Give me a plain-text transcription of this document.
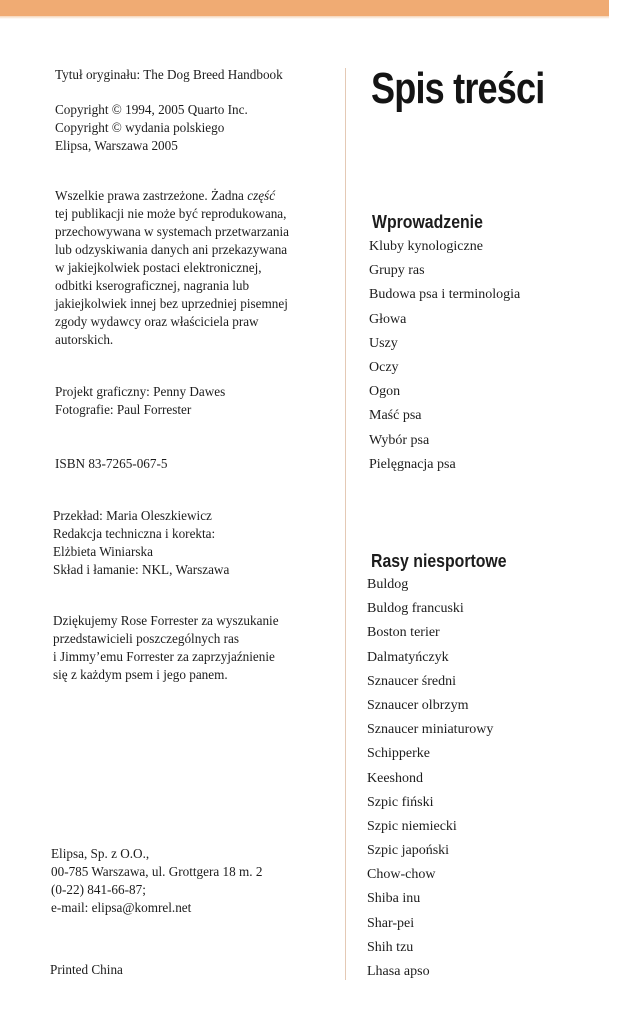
Tytuł oryginału: The Dog Breed Handbook
Copyright © 1994, 2005 Quarto Inc.
Copyright © wydania polskiego
Elipsa, Warszawa 2005
Wszelkie prawa zastrzeżone. Żadna część
tej publikacji nie może być reprodukowana,
przechowywana w systemach przetwarzania
lub odzyskiwania danych ani przekazywana
w jakiejkolwiek postaci elektronicznej,
odbitki kserograficznej, nagrania lub
jakiejkolwiek innej bez uprzedniej pisemnej
zgody wydawcy oraz właściciela praw
autorskich.
Projekt graficzny: Penny Dawes
Fotografie: Paul Forrester
ISBN 83-7265-067-5
Przekład: Maria Oleszkiewicz
Redakcja techniczna i korekta:
Elżbieta Winiarska
Skład i łamanie: NKL, Warszawa
Dziękujemy Rose Forrester za wyszukanie
przedstawicieli poszczególnych ras
i Jimmy’emu Forrester za zaprzyjaźnienie
się z każdym psem i jego panem.
Elipsa, Sp. z O.O.,
00-785 Warszawa, ul. Grottgera 18 m. 2
(0-22) 841-66-87;
e-mail: elipsa@komrel.net
Printed China
Spis treści
Wprowadzenie
Kluby kynologiczne
Grupy ras
Budowa psa i terminologia
Głowa
Uszy
Oczy
Ogon
Maść psa
Wybór psa
Pielęgnacja psa
Rasy niesportowe
Buldog
Buldog francuski
Boston terier
Dalmatyńczyk
Sznaucer średni
Sznaucer olbrzym
Sznaucer miniaturowy
Schipperke
Keeshond
Szpic fiński
Szpic niemiecki
Szpic japoński
Chow-chow
Shiba inu
Shar-pei
Shih tzu
Lhasa apso
